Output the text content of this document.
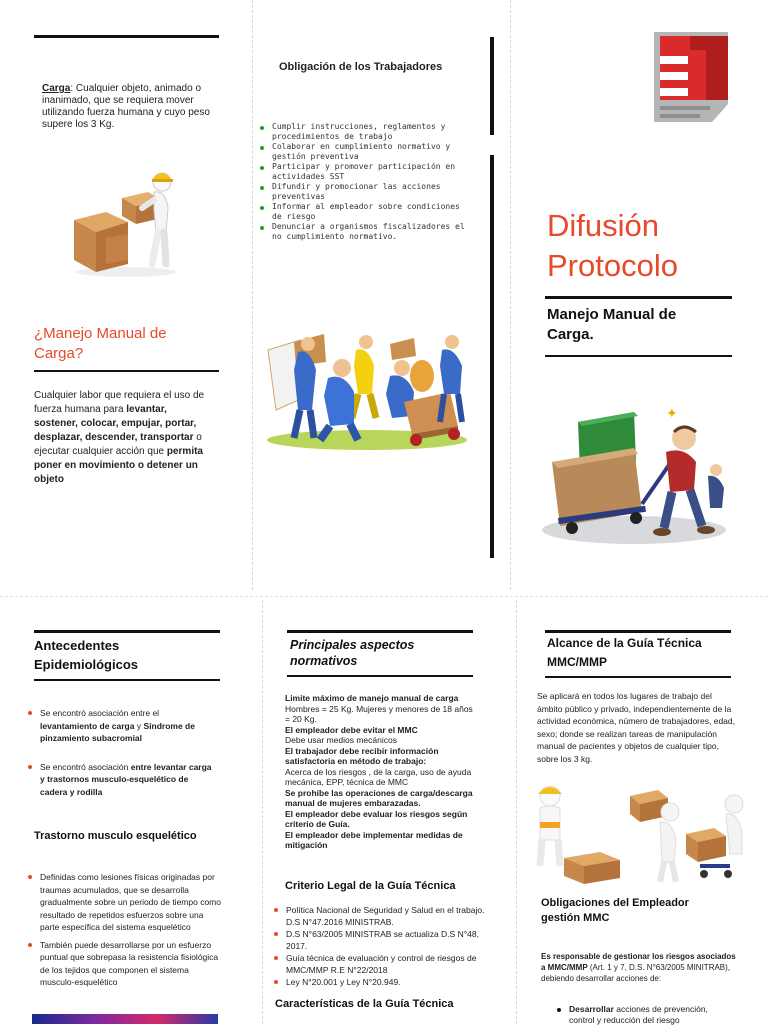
Carga: Cualquier objeto, animado o inanimado, que se requiera mover utilizando fuerza humana y cuyo peso supere los 3 Kg.
¿Manejo Manual de Carga?
Cualquier labor que requiera el uso de fuerza humana para levantar, sostener, colocar, empujar, portar, desplazar, descender, transportar o ejecutar cualquier acción que permita poner en movimiento o detener un objeto
Obligación de los Trabajadores
Cumplir instrucciones, reglamentos y procedimientos de trabajo
Colaborar en cumplimiento normativo y gestión preventiva
Participar y promover participación en actividades SST
Difundir y promocionar las acciones preventivas
Informar al empleador sobre condiciones de riesgo
Denunciar a organismos fiscalizadores el no cumplimiento normativo.	Difusión
Protocolo
Manejo Manual de Carga.
✦
Antecedentes Epidemiológicos
Se encontró asociación entre el levantamiento de carga y Síndrome de pinzamiento subacromial
Se encontró asociación entre levantar carga y trastornos musculo-esquelético de cadera y rodilla
Trastorno musculo esquelético
Definidas como lesiones físicas originadas por traumas acumulados, que se desarrolla gradualmente sobre un periodo de tiempo como resultado de repetidos esfuerzos sobre una parte específica del sistema esquelético
También puede desarrollarse por un esfuerzo puntual que sobrepasa la resistencia fisiológica de los tejidos que componen el sistema musculo-esquelético
Principales aspectos normativos
Limite máximo de manejo manual de carga
Hombres = 25 Kg. Mujeres y menores de 18 años = 20 Kg.
El empleador debe evitar el MMC
Debe usar medios mecánicos
El trabajador debe recibir información satisfactoria en método de trabajo:
Acerca de los riesgos , de la carga, uso de ayuda mecánica, EPP, técnica de MMC
Se prohíbe las operaciones de carga/descarga manual de mujeres embarazadas.
El empleador debe evaluar los riesgos según criterio de Guía.
El empleador debe implementar medidas de mitigación
Criterio Legal de la Guía Técnica
Política Nacional de Seguridad y Salud en el trabajo. D.S N°47.2016 MINISTRAB.
D.S N°63/2005 MINISTRAB se actualiza D.S N°48, 2017.
Guía técnica de evaluación y control de riesgos de MMC/MMP R.E N°22/2018
Ley N°20.001 y Ley N°20.949.
Características de la Guía Técnica
Alcance de la Guía Técnica MMC/MMP
Se aplicará en todos los lugares de trabajo del ámbito público y privado, independientemente de la actividad económica, número de trabajadores, edad, sexo; donde se realizan tareas de manipulación manual de pacientes y objetos de cualquier tipo, sobre los 3 kg.
Obligaciones del Empleador gestión MMC
Es responsable de gestionar los riesgos asociados a MMC/MMP (Art. 1 y 7, D.S. N°63/2005 MINITRAB), debiendo desarrollar acciones de:
Desarrollar acciones de prevención, control y reducción del riesgo
